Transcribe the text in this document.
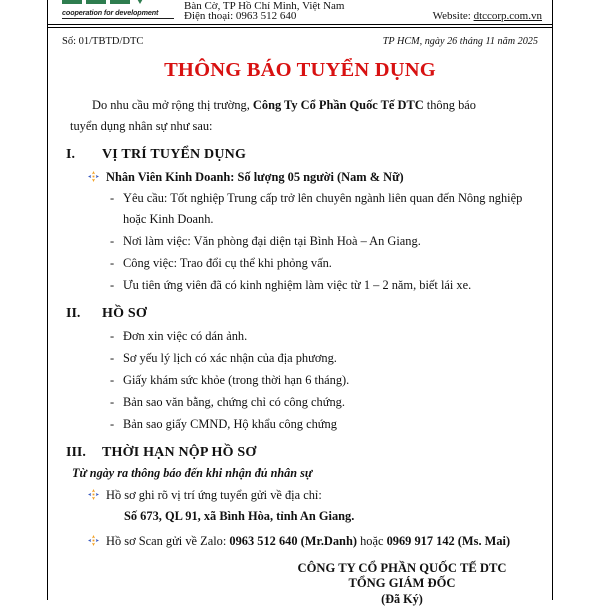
cooperation for development
Bàn Cờ, TP Hồ Chí Minh, Việt Nam
Điện thoại: 0963 512 640	Website: dtccorp.com.vn
Số: 01/TBTD/DTC	TP HCM, ngày 26 tháng 11 năm 2025
THÔNG BÁO TUYỂN DỤNG
Do nhu cầu mở rộng thị trường, Công Ty Cổ Phần Quốc Tế DTC thông báo
tuyển dụng nhân sự như sau:
I.	VỊ TRÍ TUYỂN DỤNG
Nhân Viên Kinh Doanh: Số lượng 05 người (Nam & Nữ)
- Yêu cầu: Tốt nghiệp Trung cấp trở lên chuyên ngành liên quan đến Nông nghiệp hoặc Kinh Doanh.
- Nơi làm việc: Văn phòng đại diện tại Bình Hoà – An Giang.
- Công việc: Trao đổi cụ thể khi phỏng vấn.
- Ưu tiên ứng viên đã có kinh nghiệm làm việc từ 1 – 2 năm, biết lái xe.
II.	HỒ SƠ
- Đơn xin việc có dán ảnh.
- Sơ yếu lý lịch có xác nhận của địa phương.
- Giấy khám sức khỏe (trong thời hạn 6 tháng).
- Bản sao văn bằng, chứng chỉ có công chứng.
- Bản sao giấy CMND, Hộ khẩu công chứng
III.	THỜI HẠN NỘP HỒ SƠ
Từ ngày ra thông báo đến khi nhận đủ nhân sự
Hồ sơ ghi rõ vị trí ứng tuyển gửi về địa chỉ:
Số 673, QL 91, xã Bình Hòa, tỉnh An Giang.
Hồ sơ Scan gửi về Zalo: 0963 512 640 (Mr.Danh) hoặc 0969 917 142 (Ms. Mai)
CÔNG TY CỔ PHẦN QUỐC TẾ DTC
TỔNG GIÁM ĐỐC
(Đã Ký)
